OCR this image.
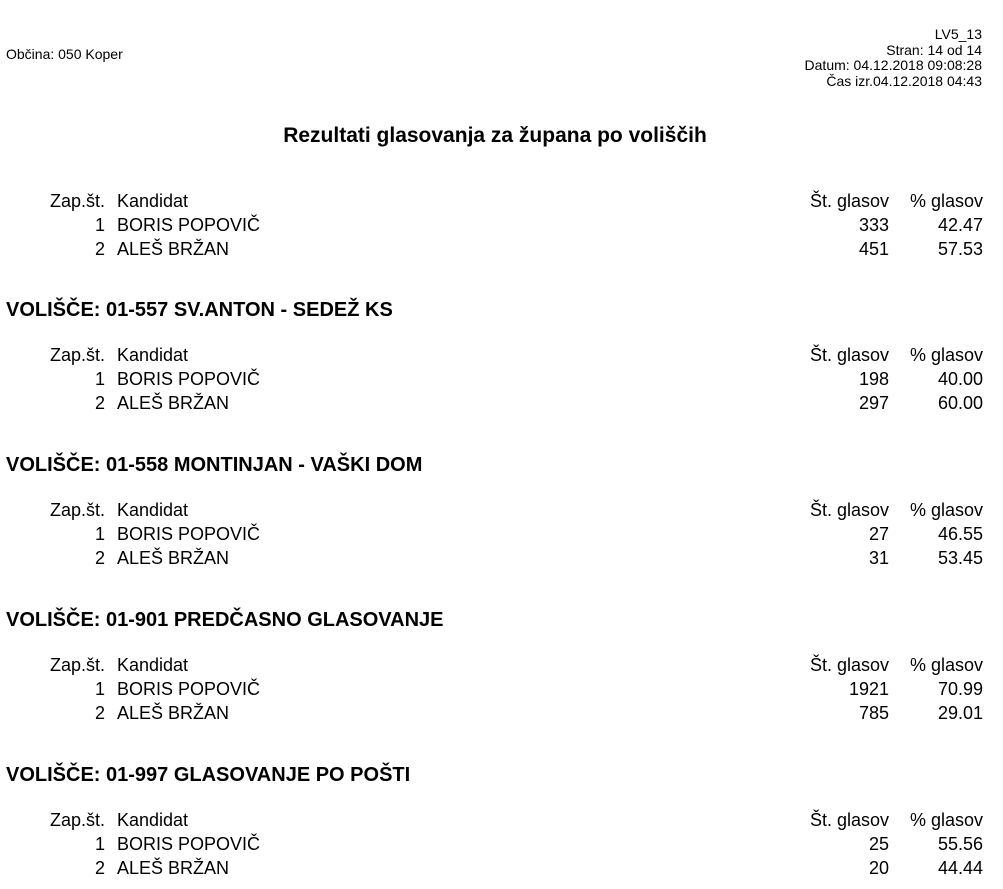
Občina: 050 Koper
LV5_13
Stran: 14 od 14
Datum: 04.12.2018 09:08:28
Čas izr.04.12.2018 04:43
Rezultati glasovanja za župana po voliščih
Zap.št. Kandidat	Št. glasov % glasov
1 BORIS POPOVIČ	333	42.47
2 ALEŠ BRŽAN	451	57.53
VOLIŠČE: 01-557 SV.ANTON - SEDEŽ KS
Zap.št. Kandidat	Št. glasov % glasov
1 BORIS POPOVIČ	198	40.00
2 ALEŠ BRŽAN	297	60.00
VOLIŠČE: 01-558 MONTINJAN - VAŠKI DOM
Zap.št. Kandidat	Št. glasov % glasov
1 BORIS POPOVIČ	27	46.55
2 ALEŠ BRŽAN	31	53.45
VOLIŠČE: 01-901 PREDČASNO GLASOVANJE
Zap.št. Kandidat	Št. glasov % glasov
1 BORIS POPOVIČ	1921	70.99
2 ALEŠ BRŽAN	785	29.01
VOLIŠČE: 01-997 GLASOVANJE PO POŠTI
Zap.št. Kandidat	Št. glasov % glasov
1 BORIS POPOVIČ	25	55.56
2 ALEŠ BRŽAN	20	44.44
